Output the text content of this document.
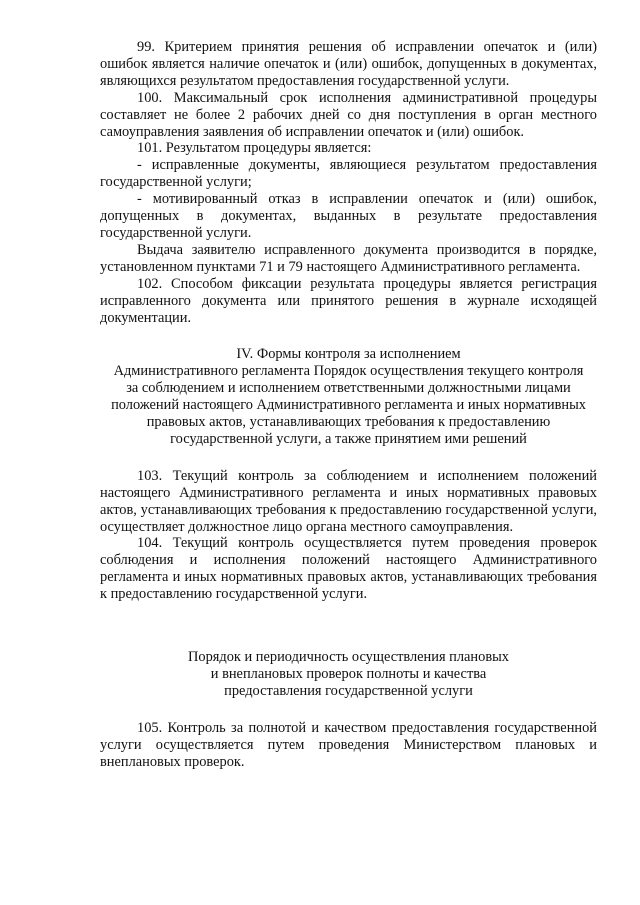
99. Критерием принятия решения об исправлении опечаток и (или) ошибок является наличие опечаток и (или) ошибок, допущенных в документах, являющихся результатом предоставления государственной услуги.

100. Максимальный срок исполнения административной процедуры составляет не более 2 рабочих дней со дня поступления в орган местного самоуправления заявления об исправлении опечаток и (или) ошибок.

101. Результатом процедуры является:

- исправленные документы, являющиеся результатом предоставления государственной услуги;

- мотивированный отказ в исправлении опечаток и (или) ошибок, допущенных в документах, выданных в результате предоставления государственной услуги.

Выдача заявителю исправленного документа производится в порядке, установленном пунктами 71 и 79 настоящего Административного регламента.

102. Способом фиксации результата процедуры является регистрация исправленного документа или принятого решения в журнале исходящей документации.

IV. Формы контроля за исполнением

Административного регламента Порядок осуществления текущего контроля

за соблюдением и исполнением ответственными должностными лицами

положений настоящего Административного регламента и иных нормативных

правовых актов, устанавливающих требования к предоставлению

государственной услуги, а также принятием ими решений

103. Текущий контроль за соблюдением и исполнением положений настоящего Административного регламента и иных нормативных правовых актов, устанавливающих требования к предоставлению государственной услуги, осуществляет должностное лицо органа местного самоуправления.

104. Текущий контроль осуществляется путем проведения проверок соблюдения и исполнения положений настоящего Административного регламента и иных нормативных правовых актов, устанавливающих требования к предоставлению государственной услуги.

Порядок и периодичность осуществления плановых

и внеплановых проверок полноты и качества

предоставления государственной услуги

105. Контроль за полнотой и качеством предоставления государственной услуги осуществляется путем проведения Министерством плановых и внеплановых проверок.
